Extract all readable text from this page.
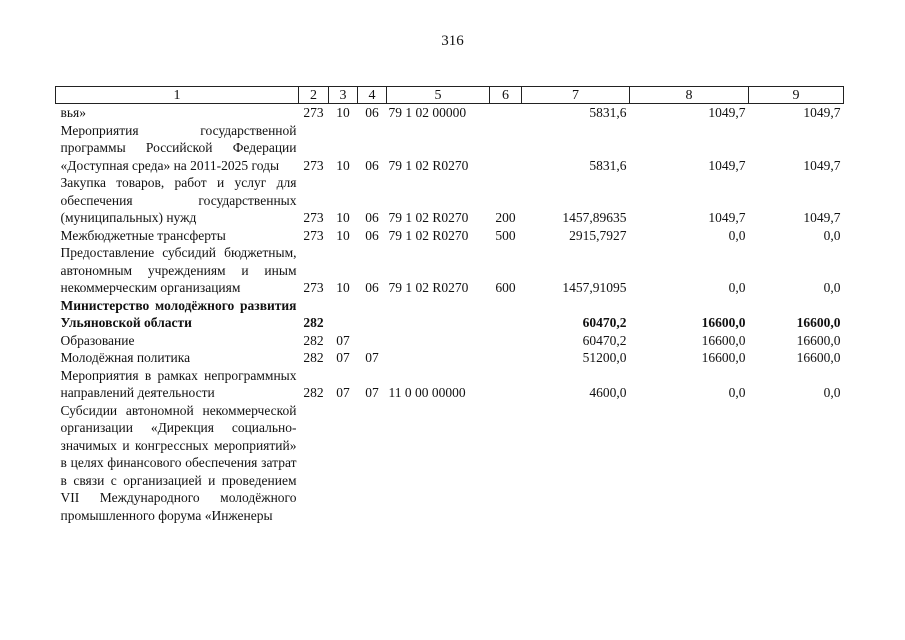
316
1	2	3	4	5	6	7	8	9
вья»	273	10	06	79 1 02 00000		5831,6	1049,7	1049,7
Мероприятия государственной программы Российской Федерации «Доступная среда» на 2011-2025 годы	273	10	06	79 1 02 R0270		5831,6	1049,7	1049,7
Закупка товаров, работ и услуг для обеспечения государственных (муниципальных) нужд	273	10	06	79 1 02 R0270	200	1457,89635	1049,7	1049,7
Межбюджетные трансферты	273	10	06	79 1 02 R0270	500	2915,7927	0,0	0,0
Предоставление субсидий бюджетным, автономным учреждениям и иным некоммерческим организациям	273	10	06	79 1 02 R0270	600	1457,91095	0,0	0,0
Министерство молодёжного развития Ульяновской области	282					60470,2	16600,0	16600,0
Образование	282	07				60470,2	16600,0	16600,0
Молодёжная политика	282	07	07			51200,0	16600,0	16600,0
Мероприятия в рамках непрограммных направлений деятельности	282	07	07	11 0 00 00000		4600,0	0,0	0,0
Субсидии автономной некоммерческой организации «Дирекция социально-значимых и конгрессных мероприятий» в целях финансового обеспечения затрат в связи с организацией и проведением VII Международного молодёжного промышленного форума «Инженеры								
